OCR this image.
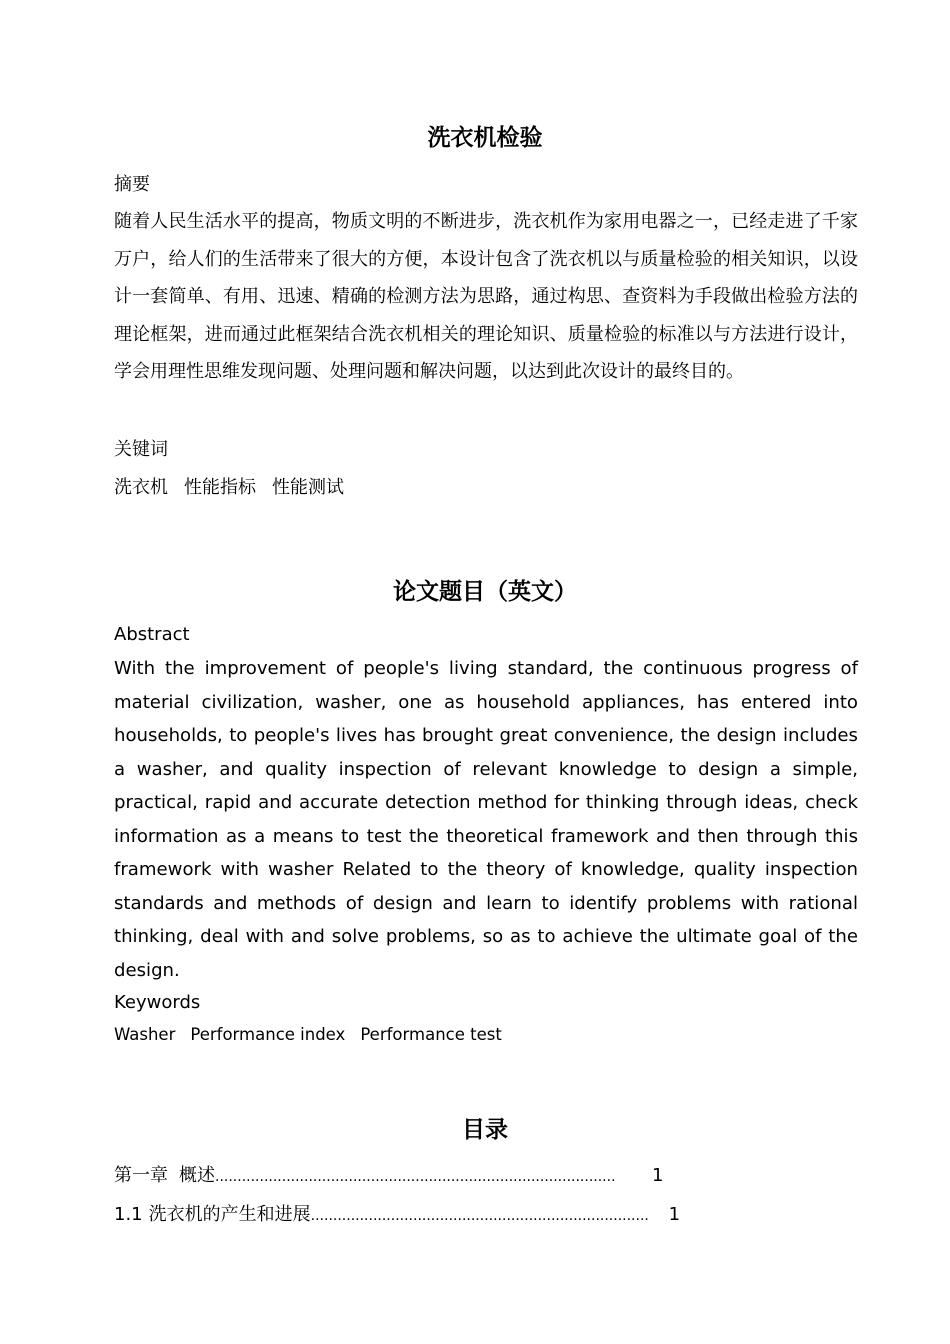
洗衣机检验
摘要

随着人民生活水平的提高，物质文明的不断进步，洗衣机作为家用电器之一，已经走进了千家万户，给人们的生活带来了很大的方便，本设计包含了洗衣机以与质量检验的相关知识，以设计一套简单、有用、迅速、精确的检测方法为思路，通过构思、查资料为手段做出检验方法的理论框架，进而通过此框架结合洗衣机相关的理论知识、质量检验的标准以与方法进行设计，学会用理性思维发现问题、处理问题和解决问题，以达到此次设计的最终目的。

关键词
洗衣机 性能指标 性能测试
论文题目（英文）
Abstract

With the improvement of people's living standard, the continuous progress of material civilization, washer, one as household appliances, has entered into households, to people's lives has brought great convenience, the design includes a washer, and quality inspection of relevant knowledge to design a simple, practical, rapid and accurate detection method for thinking through ideas, check information as a means to test the theoretical framework and then through this framework with washer Related to the theory of knowledge, quality inspection standards and methods of design and learn to identify problems with rational thinking, deal with and solve problems, so as to achieve the ultimate goal of the design.

Keywords
Washer Performance index Performance test
目录
第一章 概述 ..........................................................................................	1
1.1 洗衣机的产生和进展 ............................................................................	1
